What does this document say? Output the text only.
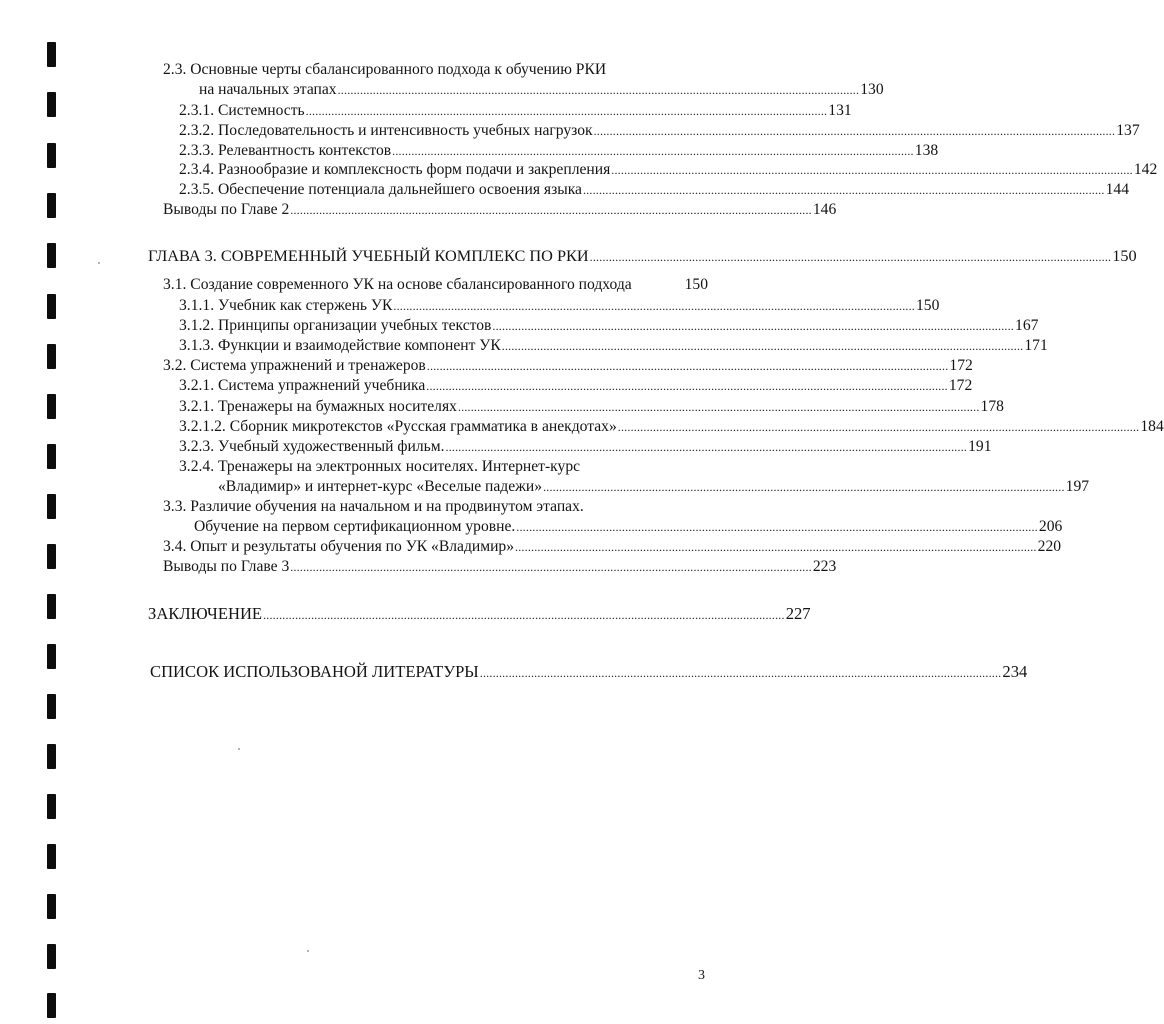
2.3. Основные черты сбалансированного подхода к обучению РКИ
на начальных этапах ................................................................................................................................................................... 130
2.3.1. Системность ................................................................................................................................................................... 131
2.3.2. Последовательность и интенсивность учебных нагрузок ................................................................................................................................................................... 137
2.3.3. Релевантность контекстов ................................................................................................................................................................... 138
2.3.4. Разнообразие и комплексность форм подачи и закрепления ................................................................................................................................................................... 142
2.3.5. Обеспечение потенциала дальнейшего освоения языка ................................................................................................................................................................... 144
Выводы по Главе 2 ................................................................................................................................................................... 146
ГЛАВА 3. СОВРЕМЕННЫЙ УЧЕБНЫЙ КОМПЛЕКС ПО РКИ ................................................................................................................................................................... 150
3.1. Создание современного УК на основе сбалансированного подхода	150
3.1.1. Учебник как стержень УК ................................................................................................................................................................... 150
3.1.2. Принципы организации учебных текстов ................................................................................................................................................................... 167
3.1.3. Функции и взаимодействие компонент УК ................................................................................................................................................................... 171
3.2. Система упражнений и тренажеров ................................................................................................................................................................... 172
3.2.1. Система упражнений учебника ................................................................................................................................................................... 172
3.2.1. Тренажеры на бумажных носителях ................................................................................................................................................................... 178
3.2.1.2. Сборник микротекстов «Русская грамматика в анекдотах» ................................................................................................................................................................... 184
3.2.3. Учебный художественный фильм. ................................................................................................................................................................... 191
3.2.4. Тренажеры на электронных носителях. Интернет-курс
«Владимир» и интернет-курс «Веселые падежи» ................................................................................................................................................................... 197
3.3. Различие обучения на начальном и на продвинутом этапах.
Обучение на первом сертификационном уровне. ................................................................................................................................................................... 206
3.4. Опыт и результаты обучения по УК «Владимир» ................................................................................................................................................................... 220
Выводы по Главе 3 ................................................................................................................................................................... 223
ЗАКЛЮЧЕНИЕ ................................................................................................................................................................... 227
СПИСОК ИСПОЛЬЗОВАНОЙ ЛИТЕРАТУРЫ ................................................................................................................................................................... 234
3
